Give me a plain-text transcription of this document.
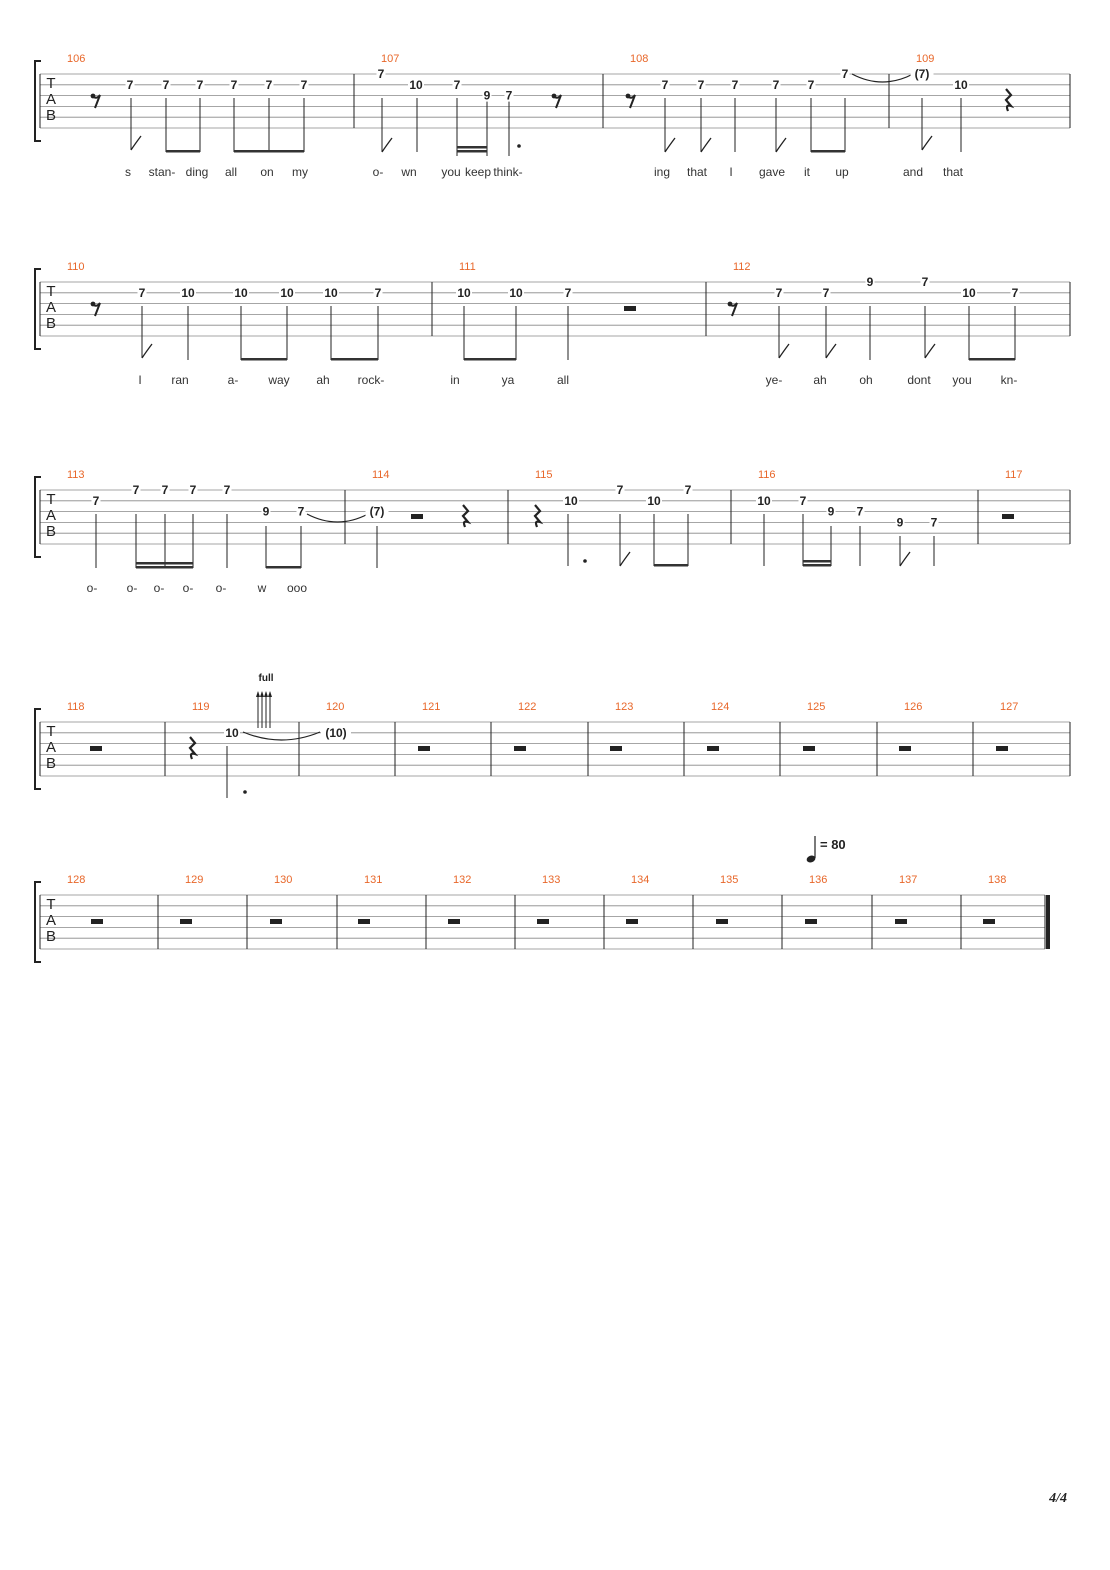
T
A
B
106	107	108	109
7 7 7 7 7 7
7
10	7
9 7
7 7 7	7 7
7	(7)
10
s stan- ding all on my	o- wn you keep think-	ing that I gave it up	and that
T
A
B
110	111	112
7	10	10	10	10	7	10	10	7	7	7
9	7
10	7
I ran	a- way ah rock-	in	ya	all	ye-	ah	oh	dont you kn-
T
A
B
113	114	115	116	117
7
7 7 7 7
9 7	(7)
10
7
10
7
10 7
9 7
9 7
o- o- o- o- o-	w ooo
T
A
B
118	119	120	121	122	123	124	125	126	127
10	(10)
T
A
B
128	129	130	131	132	133	134	135	136	137	138
full
= 80
4/4
